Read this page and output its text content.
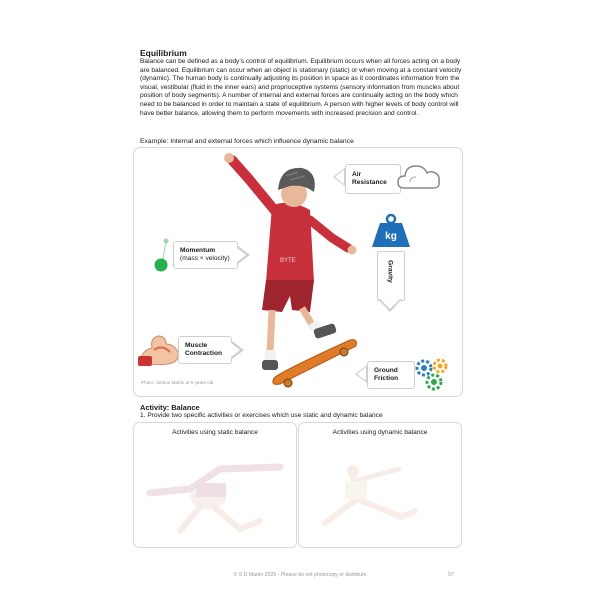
Equilibrium
Balance can be defined as a body’s control of equilibrium. Equilibrium occurs when all forces acting on a body are balanced. Equilibrium can occur when an object is stationary (static) or when moving at a constant velocity (dynamic). The human body is continually adjusting its position in space as it coordinates information from the visual, vestibular (fluid in the inner ears) and proprioceptive systems (sensory information from muscles about position of body segments). A number of internal and external forces are continually acting on the body which need to be balanced in order to maintain a state of equilibrium. A person with higher levels of body control will have better balance, allowing them to perform movements with increased precision and control.
Example: Internal and external forces which influence dynamic balance
BYTE
Air
Resistance
kg
Gravity
Momentum
(mass × velocity)
Muscle
Contraction
Ground
Friction
Photo: Joshua Martin at 5 years old
Activity: Balance
1. Provide two specific activities or exercises which use static and dynamic balance
Activities using static balance	Activities using dynamic balance
© S D Martin 2026 - Please do not photocopy or distribute	97
